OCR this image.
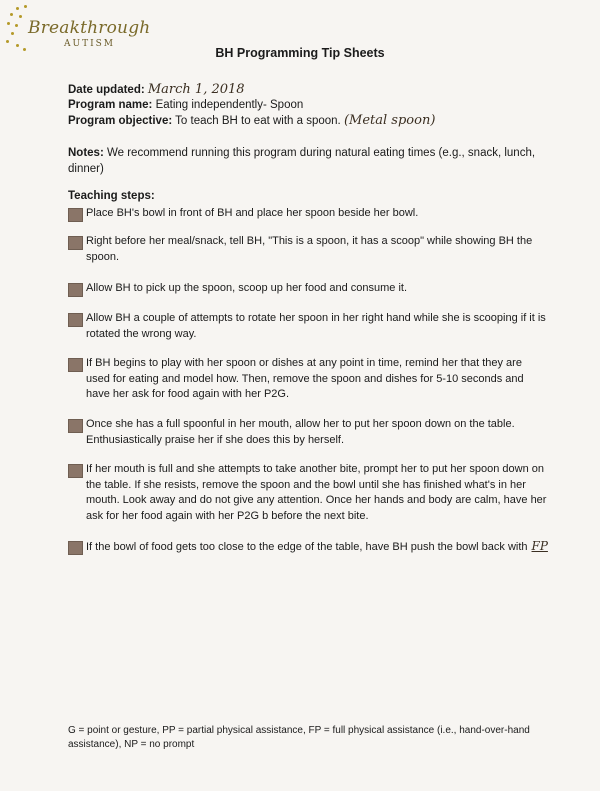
Breakthrough
AUTISM
BH Programming Tip Sheets
Date updated: March 1, 2018
Program name: Eating independently- Spoon
Program objective: To teach BH to eat with a spoon. (Metal spoon)
Notes: We recommend running this program during natural eating times (e.g., snack, lunch, dinner)
Teaching steps:
Place BH's bowl in front of BH and place her spoon beside her bowl.
Right before her meal/snack, tell BH, "This is a spoon, it has a scoop" while showing BH the spoon.
Allow BH to pick up the spoon, scoop up her food and consume it.
Allow BH a couple of attempts to rotate her spoon in her right hand while she is scooping if it is rotated the wrong way.
If BH begins to play with her spoon or dishes at any point in time, remind her that they are used for eating and model how. Then, remove the spoon and dishes for 5-10 seconds and have her ask for food again with her P2G.
Once she has a full spoonful in her mouth, allow her to put her spoon down on the table. Enthusiastically praise her if she does this by herself.
If her mouth is full and she attempts to take another bite, prompt her to put her spoon down on the table. If she resists, remove the spoon and the bowl until she has finished what's in her mouth. Look away and do not give any attention. Once her hands and body are calm, have her ask for her food again with her P2G b before the next bite.
If the bowl of food gets too close to the edge of the table, have BH push the bowl back with FP
G = point or gesture, PP = partial physical assistance, FP = full physical assistance (i.e., hand-over-hand assistance), NP = no prompt
